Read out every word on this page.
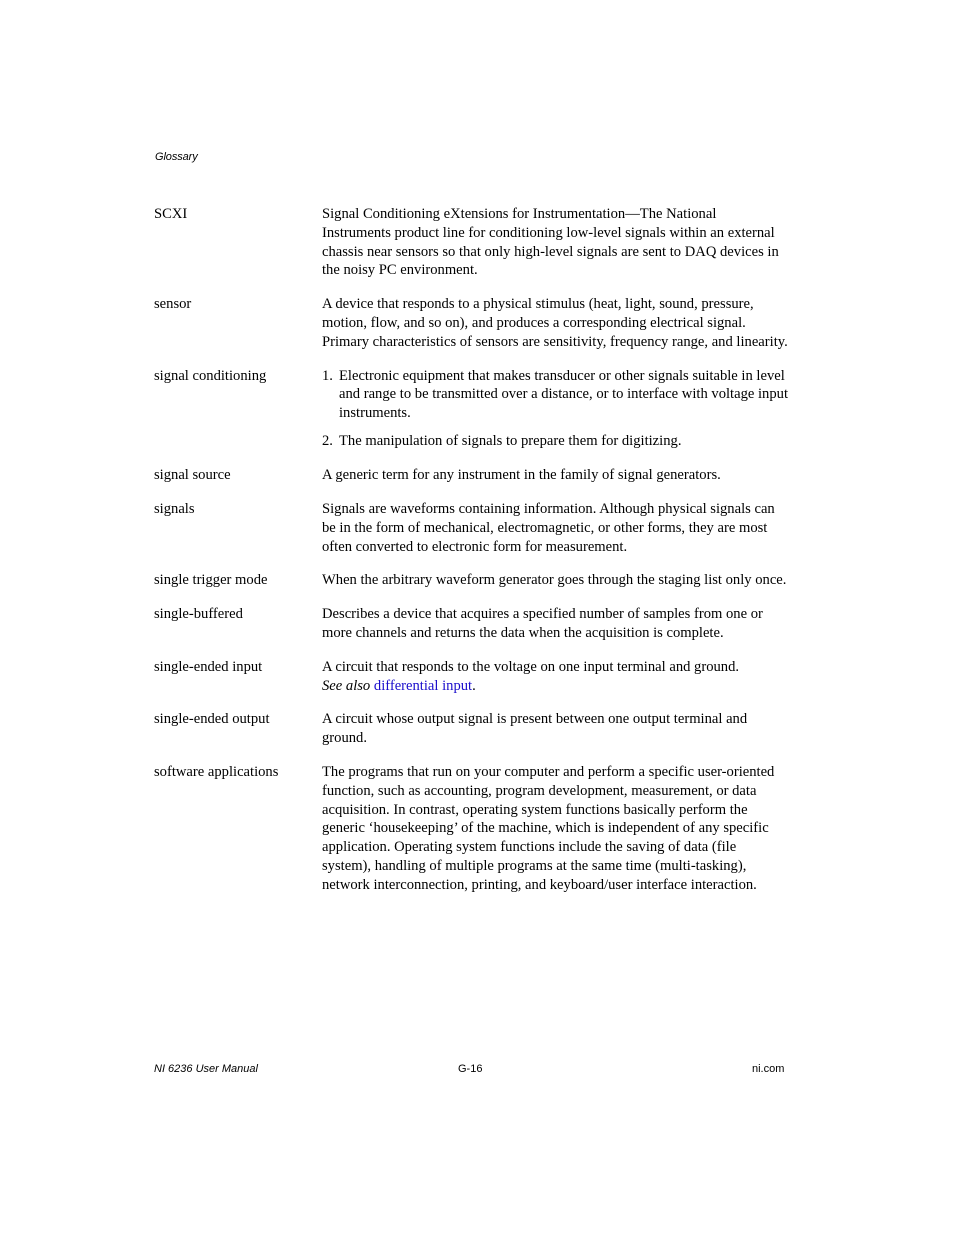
Glossary
SCXI	Signal Conditioning eXtensions for Instrumentation—The National Instruments product line for conditioning low-level signals within an external chassis near sensors so that only high-level signals are sent to DAQ devices in the noisy PC environment.

sensor	A device that responds to a physical stimulus (heat, light, sound, pressure, motion, flow, and so on), and produces a corresponding electrical signal. Primary characteristics of sensors are sensitivity, frequency range, and linearity.

signal conditioning	1. Electronic equipment that makes transducer or other signals suitable in level and range to be transmitted over a distance, or to interface with voltage input instruments.
2. The manipulation of signals to prepare them for digitizing.
signal source	A generic term for any instrument in the family of signal generators.

signals	Signals are waveforms containing information. Although physical signals can be in the form of mechanical, electromagnetic, or other forms, they are most often converted to electronic form for measurement.

single trigger mode	When the arbitrary waveform generator goes through the staging list only once.

single-buffered	Describes a device that acquires a specified number of samples from one or more channels and returns the data when the acquisition is complete.

single-ended input	A circuit that responds to the voltage on one input terminal and ground.

See also differential input.

single-ended output	A circuit whose output signal is present between one output terminal and ground.

software applications	The programs that run on your computer and perform a specific user-oriented function, such as accounting, program development, measurement, or data acquisition. In contrast, operating system functions basically perform the generic ‘housekeeping’ of the machine, which is independent of any specific application. Operating system functions include the saving of data (file system), handling of multiple programs at the same time (multi-tasking), network interconnection, printing, and keyboard/user interface interaction.

NI 6236 User Manual	G-16	ni.com
